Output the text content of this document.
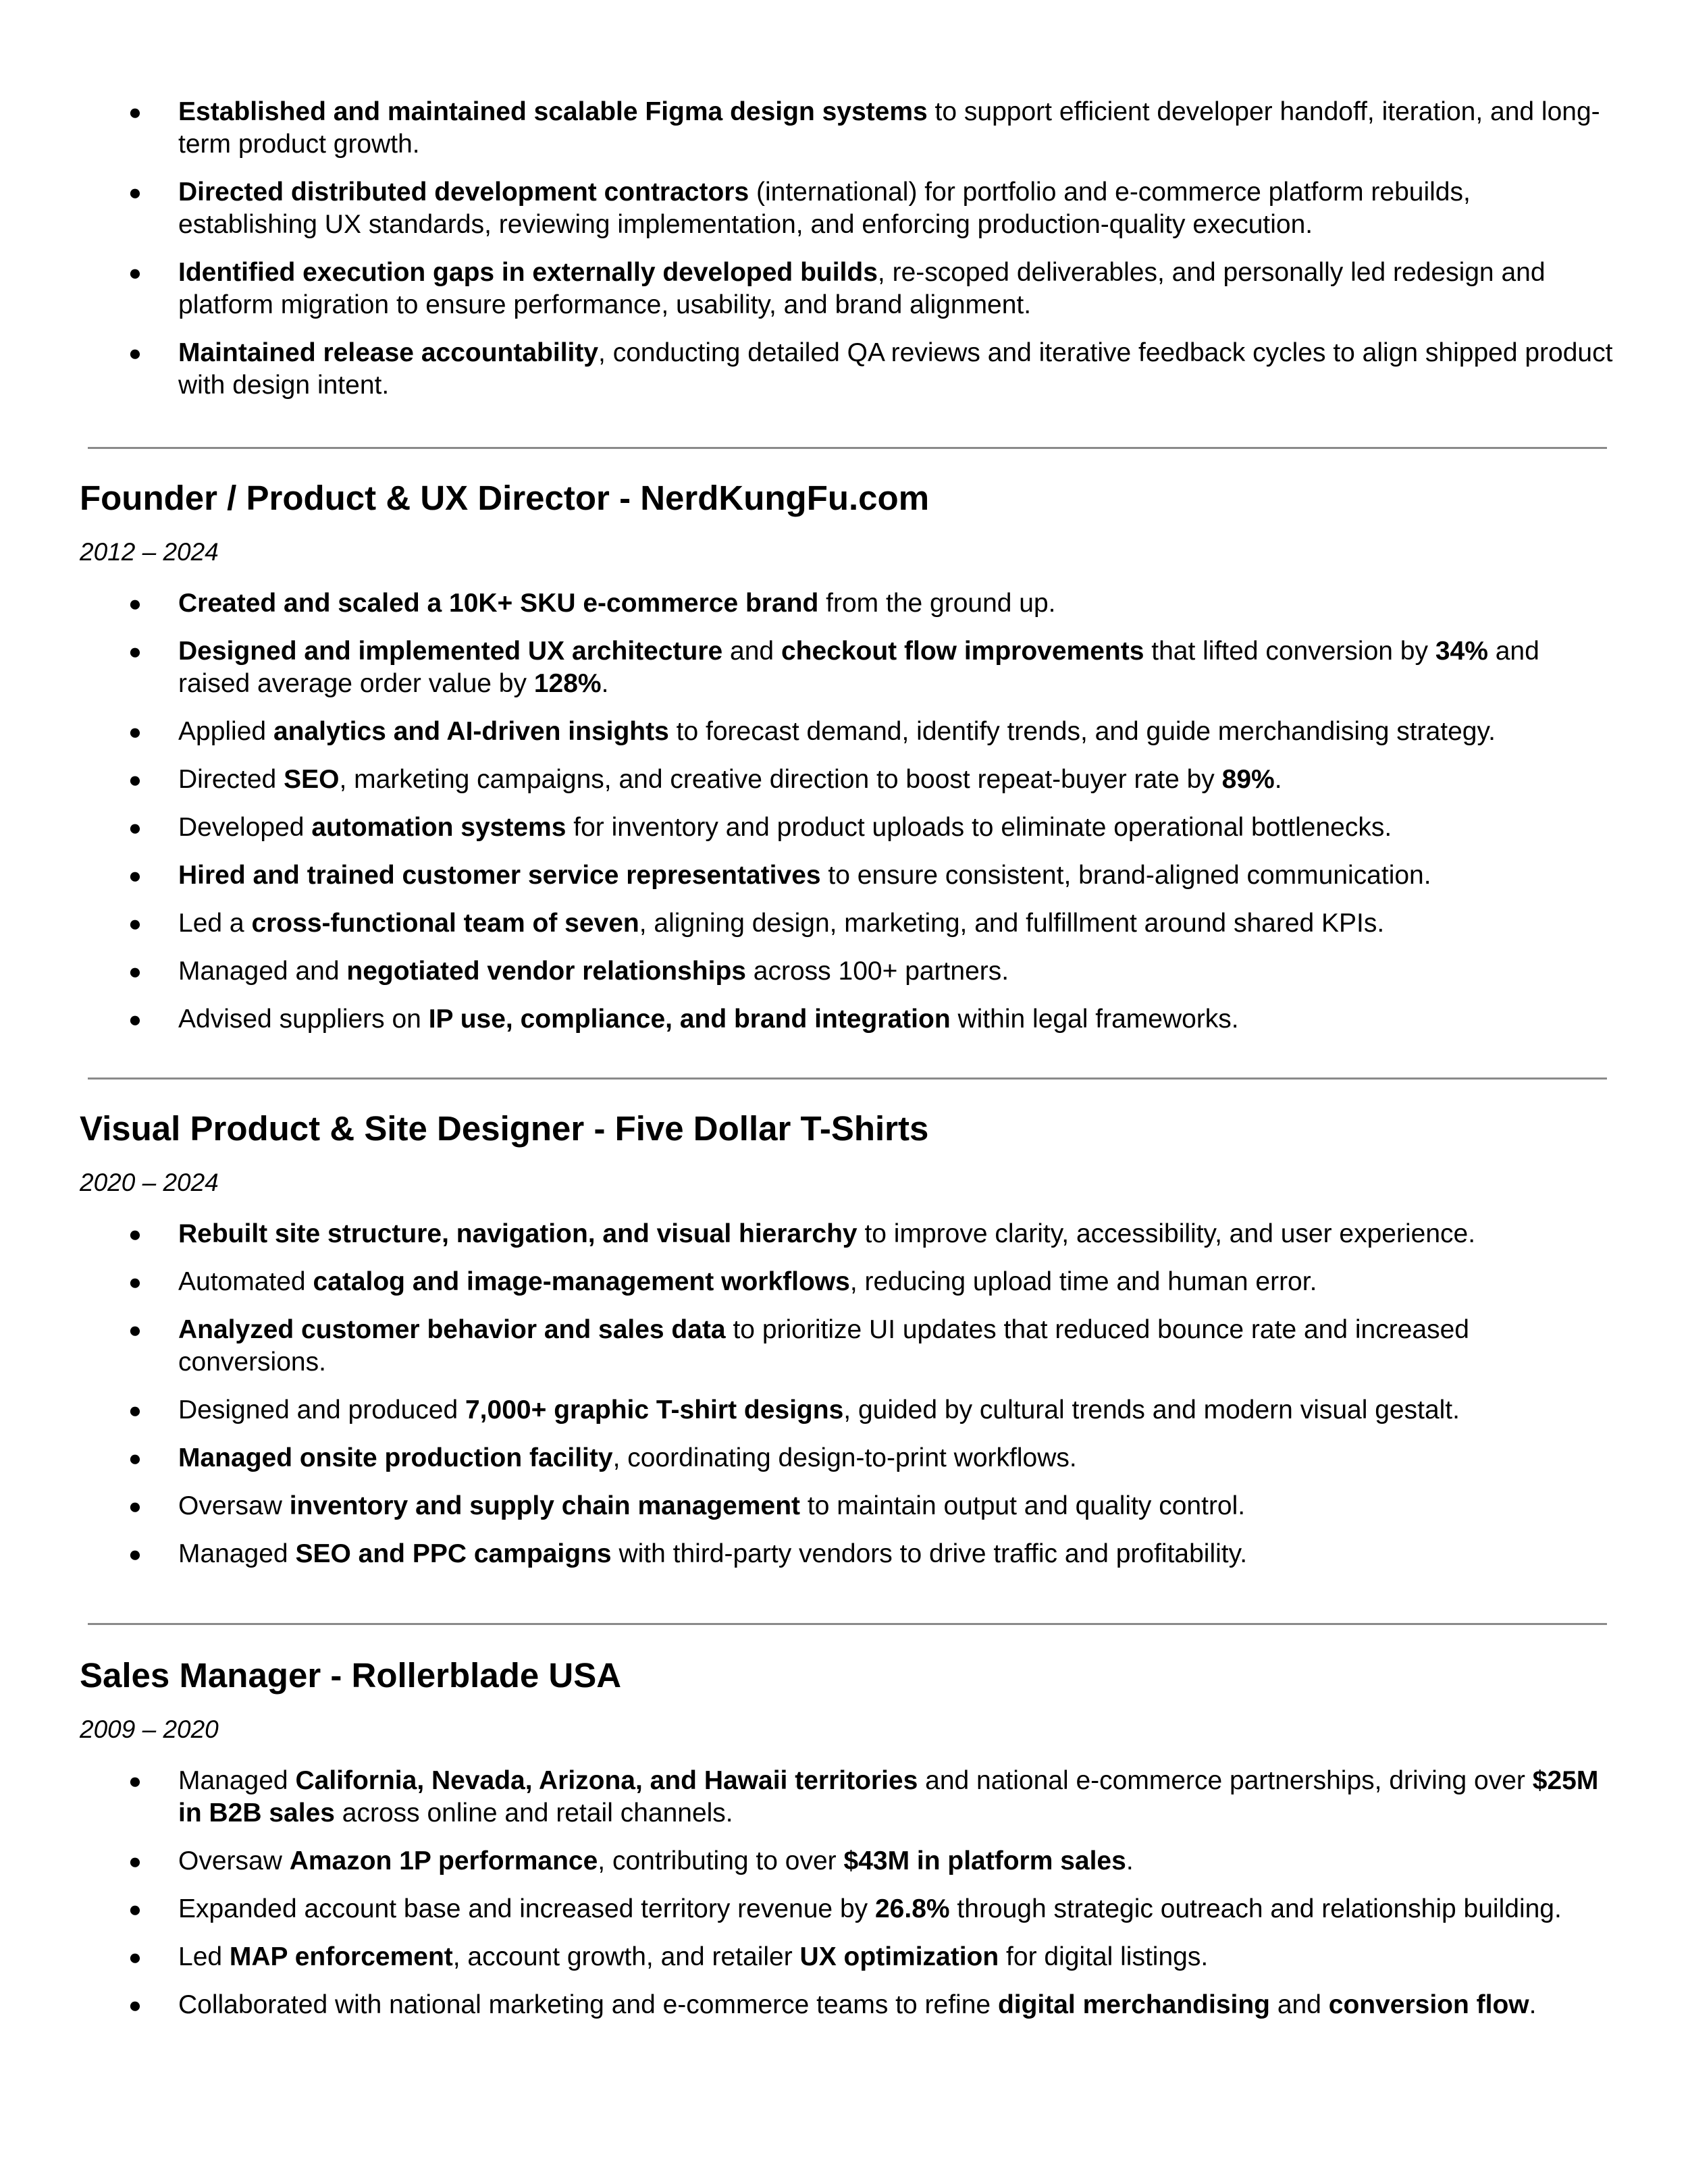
● Established and maintained scalable Figma design systems to support efficient developer handoff, iteration, and long-term product growth.
● Directed distributed development contractors (international) for portfolio and e-commerce platform rebuilds, establishing UX standards, reviewing implementation, and enforcing production-quality execution.
● Identified execution gaps in externally developed builds, re-scoped deliverables, and personally led redesign and platform migration to ensure performance, usability, and brand alignment.
● Maintained release accountability, conducting detailed QA reviews and iterative feedback cycles to align shipped product with design intent.
Founder / Product & UX Director - NerdKungFu.com
2012 – 2024
● Created and scaled a 10K+ SKU e-commerce brand from the ground up.
● Designed and implemented UX architecture and checkout flow improvements that lifted conversion by 34% and raised average order value by 128%.
● Applied analytics and AI-driven insights to forecast demand, identify trends, and guide merchandising strategy.
● Directed SEO, marketing campaigns, and creative direction to boost repeat-buyer rate by 89%.
● Developed automation systems for inventory and product uploads to eliminate operational bottlenecks.
● Hired and trained customer service representatives to ensure consistent, brand-aligned communication.
● Led a cross-functional team of seven, aligning design, marketing, and fulfillment around shared KPIs.
● Managed and negotiated vendor relationships across 100+ partners.
● Advised suppliers on IP use, compliance, and brand integration within legal frameworks.
Visual Product & Site Designer - Five Dollar T-Shirts
2020 – 2024
● Rebuilt site structure, navigation, and visual hierarchy to improve clarity, accessibility, and user experience.
● Automated catalog and image-management workflows, reducing upload time and human error.
● Analyzed customer behavior and sales data to prioritize UI updates that reduced bounce rate and increased conversions.
● Designed and produced 7,000+ graphic T-shirt designs, guided by cultural trends and modern visual gestalt.
● Managed onsite production facility, coordinating design-to-print workflows.
● Oversaw inventory and supply chain management to maintain output and quality control.
● Managed SEO and PPC campaigns with third-party vendors to drive traffic and profitability.
Sales Manager - Rollerblade USA
2009 – 2020
● Managed California, Nevada, Arizona, and Hawaii territories and national e-commerce partnerships, driving over $25M in B2B sales across online and retail channels.
● Oversaw Amazon 1P performance, contributing to over $43M in platform sales.
● Expanded account base and increased territory revenue by 26.8% through strategic outreach and relationship building.
● Led MAP enforcement, account growth, and retailer UX optimization for digital listings.
● Collaborated with national marketing and e-commerce teams to refine digital merchandising and conversion flow.
